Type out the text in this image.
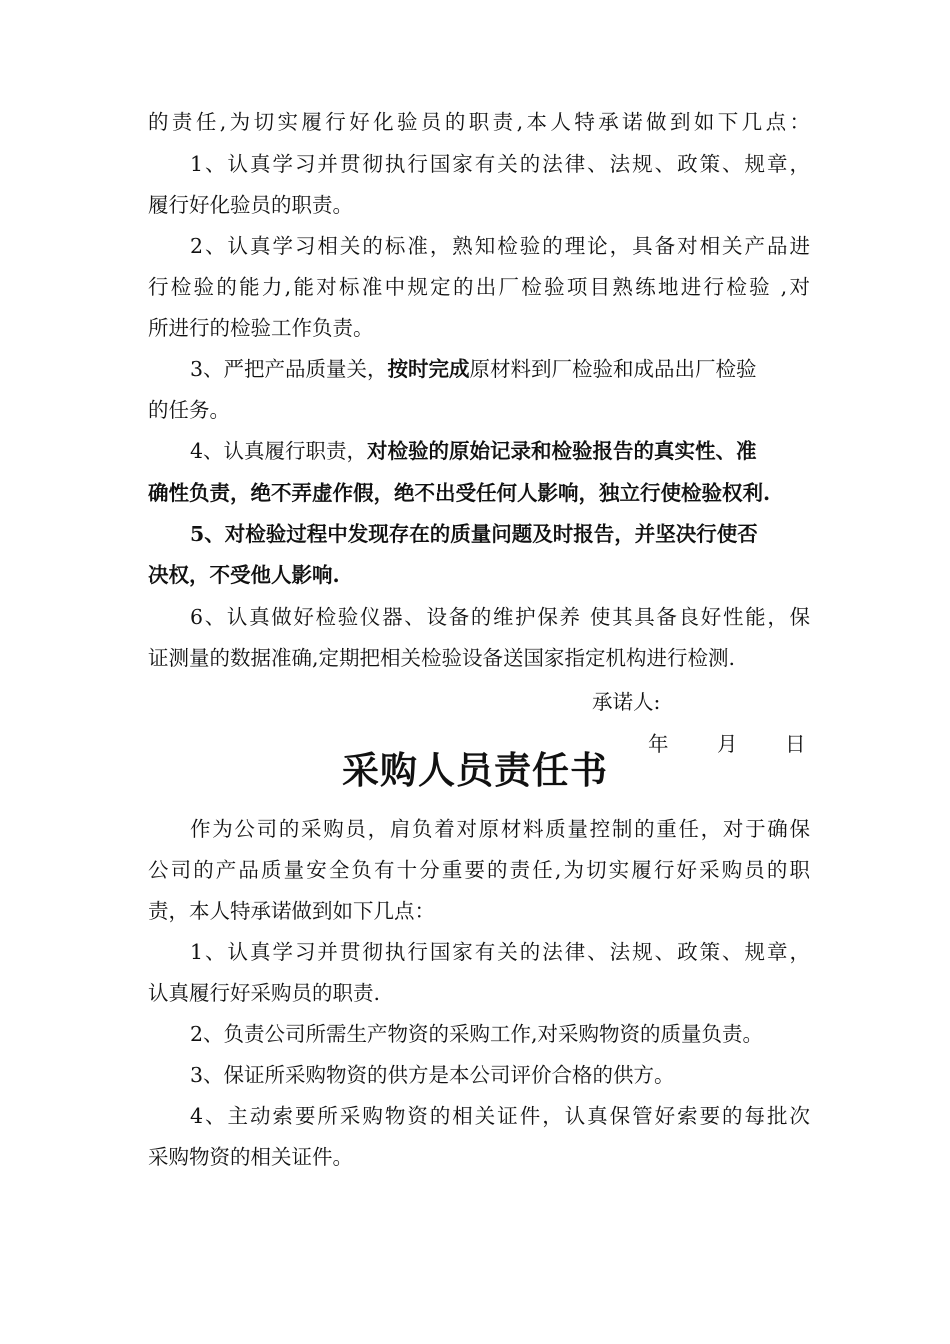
的责任,为切实履行好化验员的职责,本人特承诺做到如下几点：

1、认真学习并贯彻执行国家有关的法律、法规、政策、规章，

履行好化验员的职责。

2、认真学习相关的标准，熟知检验的理论，具备对相关产品进

行检验的能力,能对标准中规定的出厂检验项目熟练地进行检验 ,对

所进行的检验工作负责。

3、严把产品质量关，按时完成原材料到厂检验和成品出厂检验

的任务。

4、认真履行职责，对检验的原始记录和检验报告的真实性、准

确性负责，绝不弄虚作假，绝不出受任何人影响，独立行使检验权利.

5、对检验过程中发现存在的质量问题及时报告，并坚决行使否

决权，不受他人影响.

6、认真做好检验仪器、设备的维护保养 使其具备良好性能，保

证测量的数据准确,定期把相关检验设备送国家指定机构进行检测.

承诺人:

年 月 日
采购人员责任书

作为公司的采购员，肩负着对原材料质量控制的重任，对于确保

公司的产品质量安全负有十分重要的责任,为切实履行好采购员的职

责，本人特承诺做到如下几点：

1、认真学习并贯彻执行国家有关的法律、法规、政策、规章，

认真履行好采购员的职责.

2、负责公司所需生产物资的采购工作,对采购物资的质量负责。

3、保证所采购物资的供方是本公司评价合格的供方。

4、主动索要所采购物资的相关证件，认真保管好索要的每批次

采购物资的相关证件。
